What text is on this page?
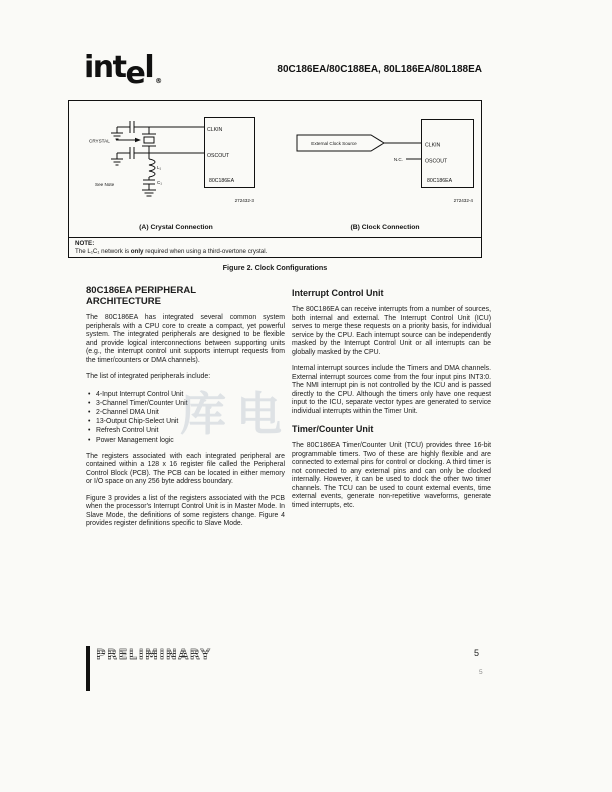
intel ®
80C186EA/80C188EA, 80L186EA/80L188EA
CLKIN
OSCOUT
80C186EA
CRYSTAL
L₁
C₁
See Note
272432-3
(A) Crystal Connection
External Clock Source	CLKIN
OSCOUT
N.C.
80C186EA
272432-4
(B) Clock Connection
NOTE:
The L₁C₁ network is only required when using a third-overtone crystal.
Figure 2. Clock Configurations
80C186EA PERIPHERAL
ARCHITECTURE

The 80C186EA has integrated several common system peripherals with a CPU core to create a compact, yet powerful system. The integrated peripherals are designed to be flexible and provide logical interconnections between supporting units (e.g., the interrupt control unit supports interrupt requests from the timer/counters or DMA channels).

The list of integrated peripherals include:

• 4-Input Interrupt Control Unit
• 3-Channel Timer/Counter Unit
• 2-Channel DMA Unit
• 13-Output Chip-Select Unit
• Refresh Control Unit
• Power Management logic

The registers associated with each integrated peripheral are contained within a 128 x 16 register file called the Peripheral Control Block (PCB). The PCB can be located in either memory or I/O space on any 256 byte address boundary.

Figure 3 provides a list of the registers associated with the PCB when the processor's Interrupt Control Unit is in Master Mode. In Slave Mode, the definitions of some registers change. Figure 4 provides register definitions specific to Slave Mode.

Interrupt Control Unit

The 80C186EA can receive interrupts from a number of sources, both internal and external. The Interrupt Control Unit (ICU) serves to merge these requests on a priority basis, for individual service by the CPU. Each interrupt source can be independently masked by the Interrupt Control Unit or all interrupts can be globally masked by the CPU.

Internal interrupt sources include the Timers and DMA channels. External interrupt sources come from the four input pins INT3:0. The NMI interrupt pin is not controlled by the ICU and is passed directly to the CPU. Although the timers only have one request input to the ICU, separate vector types are generated to service individual interrupts within the Timer Unit.

Timer/Counter Unit

The 80C186EA Timer/Counter Unit (TCU) provides three 16-bit programmable timers. Two of these are highly flexible and are connected to external pins for control or clocking. A third timer is not connected to any external pins and can only be clocked internally. However, it can be used to clock the other two timer channels. The TCU can be used to count external events, time external events, generate non-repetitive waveforms, generate timed interrupts, etc.

库电
PRELIMINARY	5
5
